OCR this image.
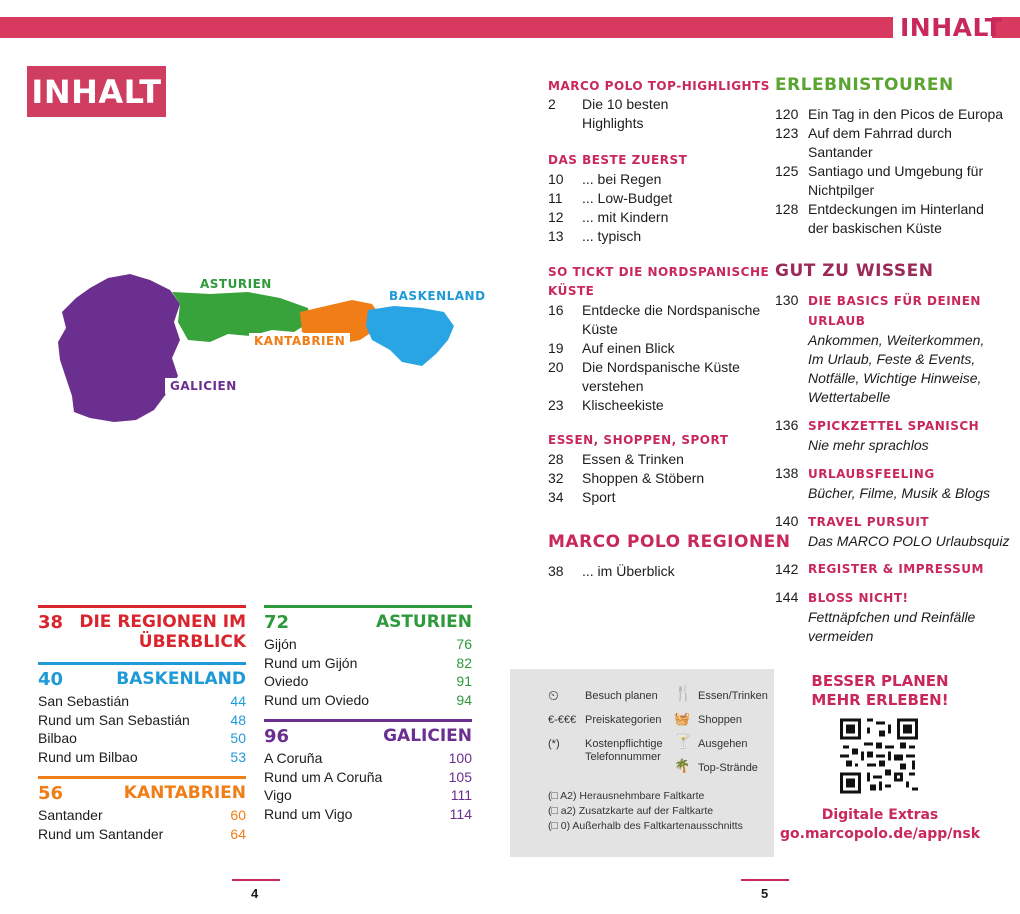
INHALT
INHALT
ASTURIEN
KANTABRIEN
BASKENLAND
GALICIEN
38 DIE REGIONEN IM
ÜBERBLICK
40	BASKENLAND
San Sebastián	44
Rund um San Sebastián	48
Bilbao	50
Rund um Bilbao	53
56	KANTABRIEN
Santander	60
Rund um Santander	64
72	ASTURIEN
Gijón	76
Rund um Gijón	82
Oviedo	91
Rund um Oviedo	94
96	GALICIEN
A Coruña	100
Rund um A Coruña	105
Vigo	111
Rund um Vigo	114
MARCO POLO TOP-HIGHLIGHTS
2	Die 10 besten
Highlights
DAS BESTE ZUERST
10	... bei Regen
11	... Low-Budget
12	... mit Kindern
13	... typisch
SO TICKT DIE NORDSPANISCHE
KÜSTE
16	Entdecke die Nordspanische
Küste
19	Auf einen Blick
20	Die Nordspanische Küste
verstehen
23	Klischeekiste
ESSEN, SHOPPEN, SPORT
28	Essen & Trinken
32	Shoppen & Stöbern
34	Sport
MARCO POLO REGIONEN
38	... im Überblick
ERLEBNISTOUREN
120 Ein Tag in den Picos de Europa
123 Auf dem Fahrrad durch
Santander
125 Santiago und Umgebung für
Nichtpilger
128 Entdeckungen im Hinterland
der baskischen Küste
GUT ZU WISSEN
130 DIE BASICS FÜR DEINEN
URLAUB
Ankommen, Weiterkommen,
Im Urlaub, Feste & Events,
Notfälle, Wichtige Hinweise,
Wettertabelle
136 SPICKZETTEL SPANISCH
Nie mehr sprachlos
138 URLAUBSFEELING
Bücher, Filme, Musik & Blogs
140 TRAVEL PURSUIT
Das MARCO POLO Urlaubsquiz
142 REGISTER & IMPRESSUM
144 BLOSS NICHT!
Fettnäpfchen und Reinfälle
vermeiden
⏲ Besuch planen
€-€€€ Preiskategorien
(*) Kostenpflichtige
Telefonnummer
🍴 Essen/Trinken
🧺 Shoppen
🍸 Ausgehen
🌴 Top-Strände
(□ A2) Herausnehmbare Faltkarte
(□ a2) Zusatzkarte auf der Faltkarte
(□ 0) Außerhalb des Faltkartenausschnitts
BESSER PLANEN
MEHR ERLEBEN!
Digitale Extras
go.marcopolo.de/app/nsk
4	5
